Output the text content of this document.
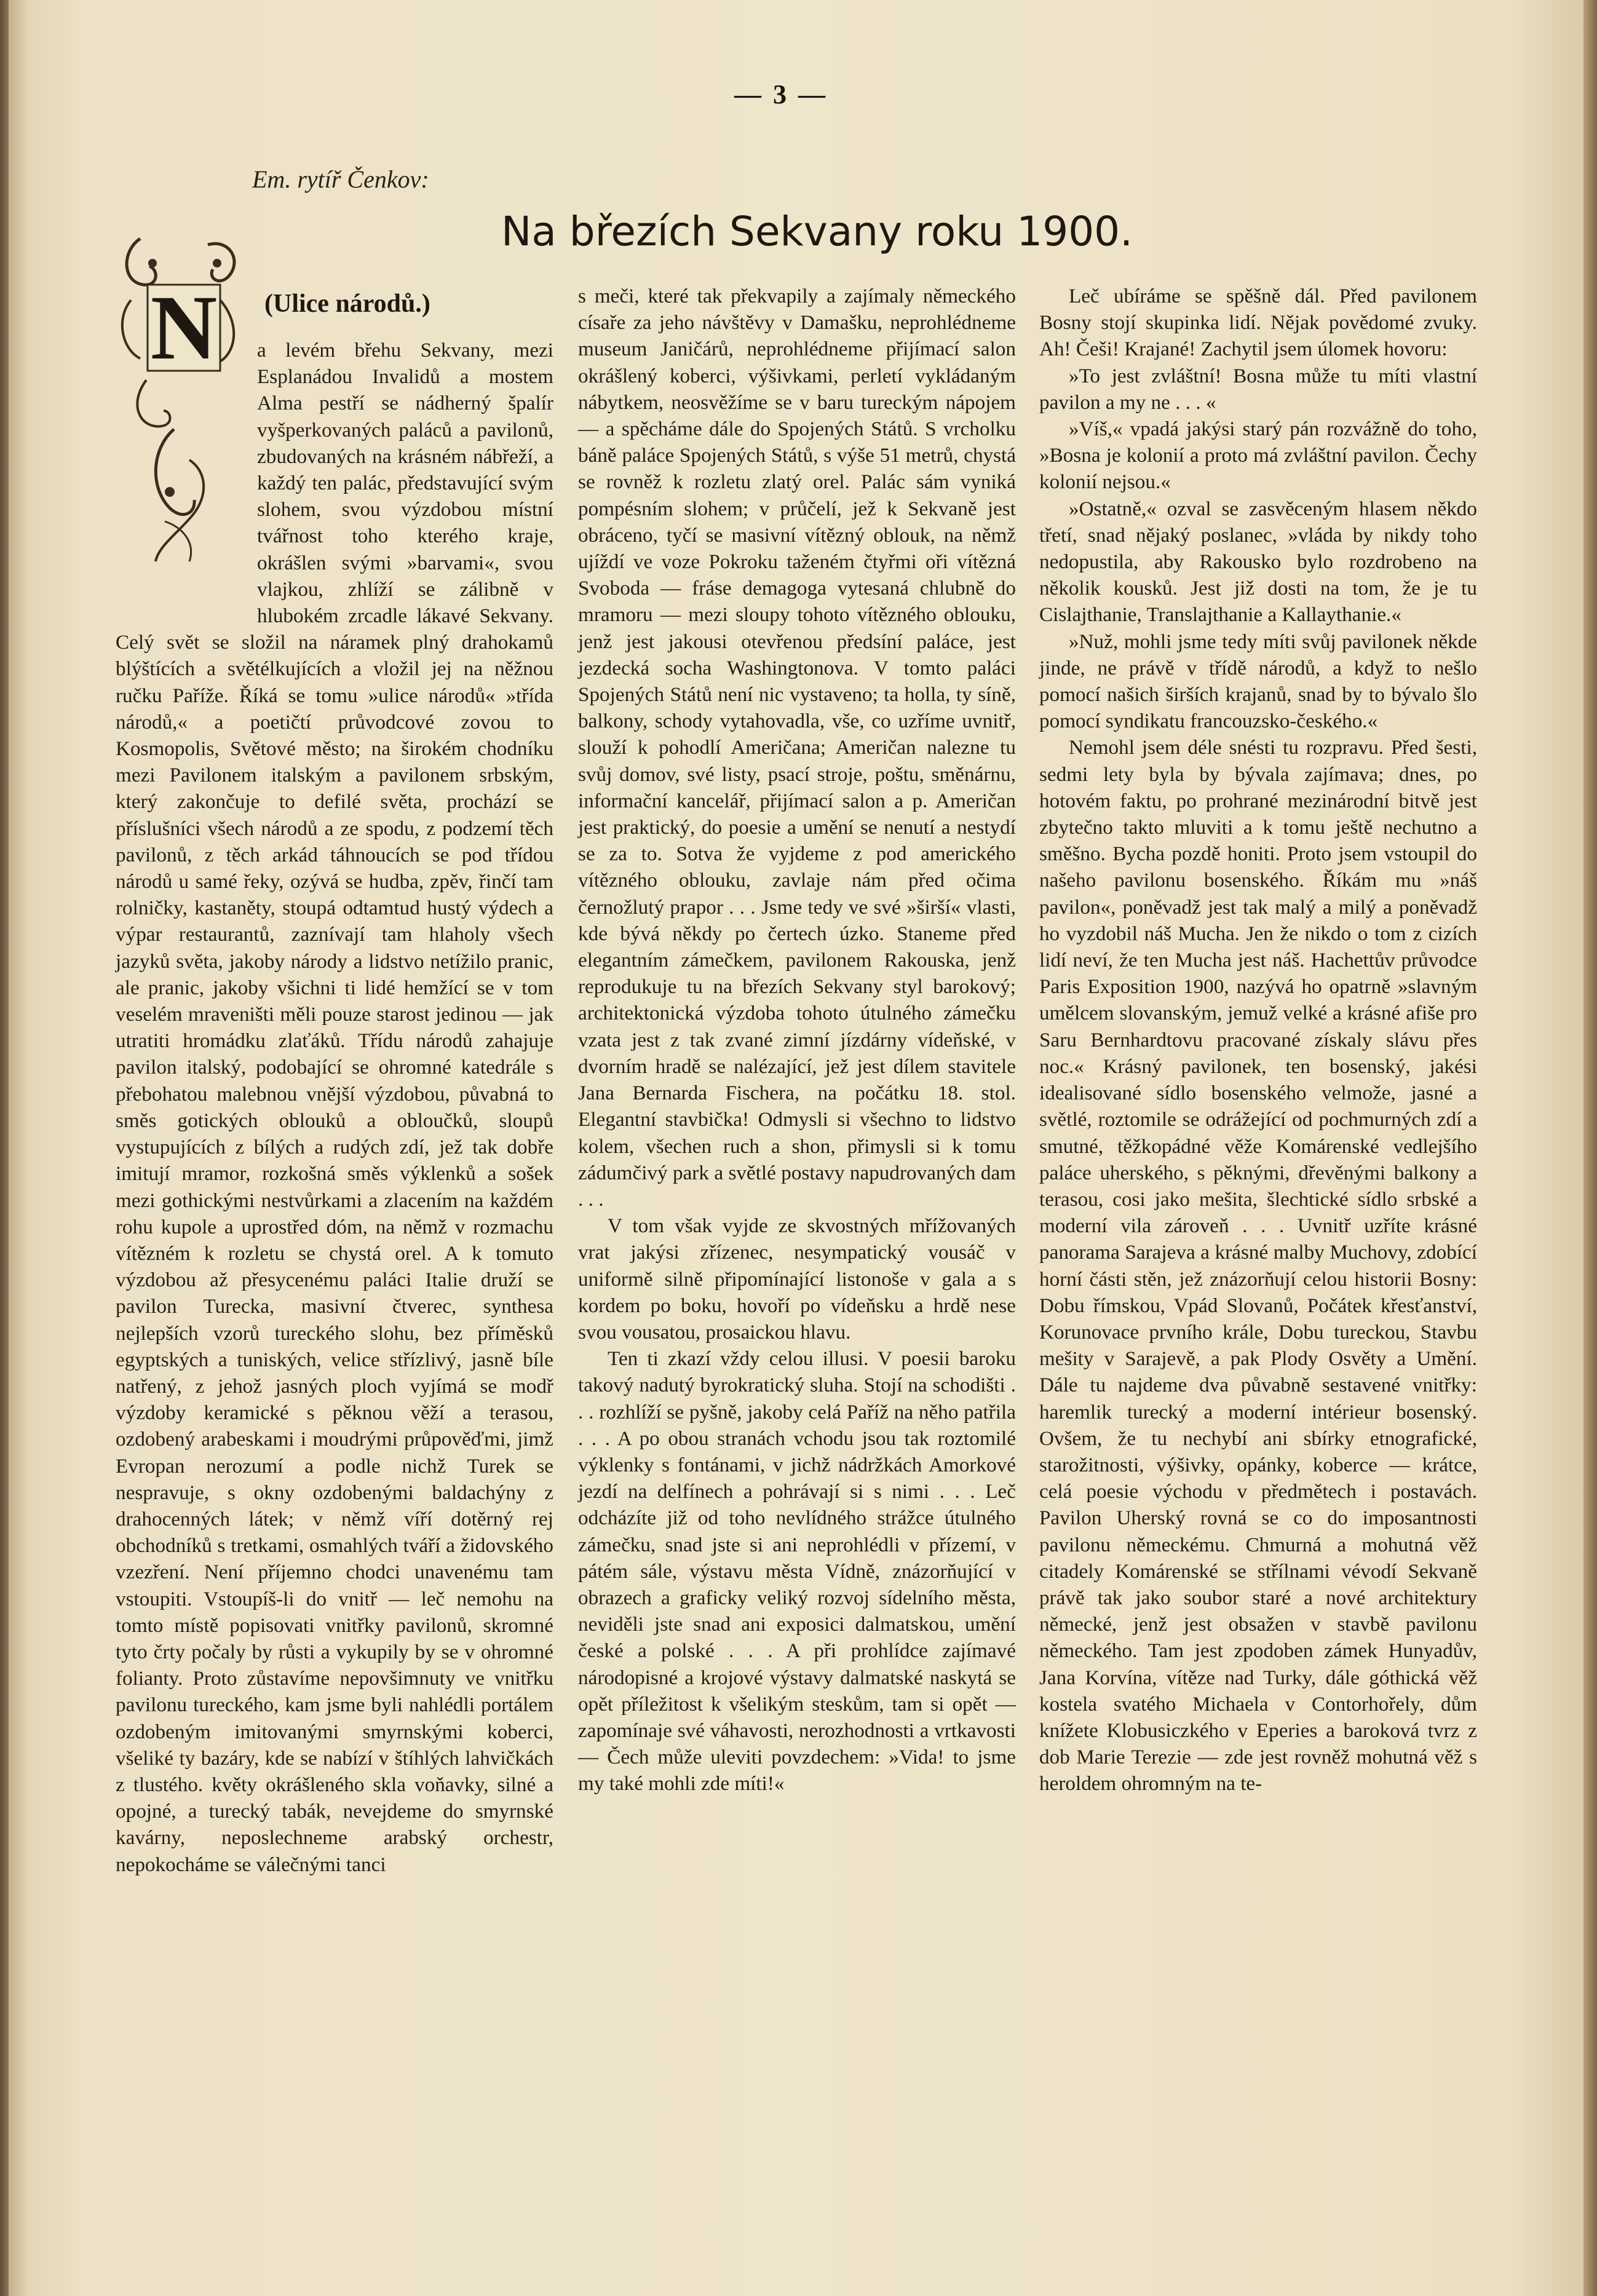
— 3 —
Em. rytíř Čenkov:
Na březích Sekvany roku 1900.
N (Ulice národů.)

a levém břehu Sekvany, mezi Esplanádou Invalidů a mostem Alma pestří se nádherný špalír vyšperkovaných paláců a pavilonů, zbudovaných na krásném nábřeží, a každý ten palác, představující svým slohem, svou výzdobou místní tvářnost toho kterého kraje, okrášlen svými »barvami«, svou vlajkou, zhlíží se zálibně v hlubokém zrcadle lákavé Sekvany. Celý svět se složil na náramek plný drahokamů blýštících a světélkujících a vložil jej na něžnou ručku Paříže. Říká se tomu »ulice národů« »třída národů,« a poetičtí průvodcové zovou to Kosmopolis, Světové město; na širokém chodníku mezi Pavilonem italským a pavilonem srbským, který zakončuje to defilé světa, prochází se příslušníci všech národů a ze spodu, z podzemí těch pavilonů, z těch arkád táhnoucích se pod třídou národů u samé řeky, ozývá se hudba, zpěv, řinčí tam rolničky, kastaněty, stoupá odtamtud hustý výdech a výpar restaurantů, zaznívají tam hlaholy všech jazyků světa, jakoby národy a lidstvo netížilo pranic, ale pranic, jakoby všichni ti lidé hemžící se v tom veselém mraveništi měli pouze starost jedinou — jak utratiti hromádku zlaťáků. Třídu národů zahajuje pavilon italský, podobající se ohromné katedrále s přebohatou malebnou vnější výzdobou, půvabná to směs gotických oblouků a obloučků, sloupů vystupujících z bílých a rudých zdí, jež tak dobře imitují mramor, rozkošná směs výklenků a sošek mezi gothickými nestvůrkami a zlacením na každém rohu kupole a uprostřed dóm, na němž v rozmachu vítězném k rozletu se chystá orel. A k tomuto výzdobou až přesycenému paláci Italie druží se pavilon Turecka, masivní čtverec, synthesa nejlepších vzorů tureckého slohu, bez příměsků egyptských a tuniských, velice střízlivý, jasně bíle natřený, z jehož jasných ploch vyjímá se modř výzdoby keramické s pěknou věží a terasou, ozdobený arabeskami i moudrými průpověďmi, jimž Evropan nerozumí a podle nichž Turek se nespravuje, s okny ozdobenými baldachýny z drahocenných látek; v němž víří dotěrný rej obchodníků s tretkami, osmahlých tváří a židovského vzezření. Není příjemno chodci unavenému tam vstoupiti. Vstoupíš-li do vnitř — leč nemohu na tomto místě popisovati vnitřky pavilonů, skromné tyto črty počaly by růsti a vykupily by se v ohromné folianty. Proto zůstavíme nepovšimnuty ve vnitřku pavilonu tureckého, kam jsme byli nahlédli portálem ozdobeným imitovanými smyrnskými koberci, všeliké ty bazáry, kde se nabízí v štíhlých lahvičkách z tlustého. květy okrášleného skla voňavky, silné a opojné, a turecký tabák, nevejdeme do smyrnské kavárny, neposlechneme arabský orchestr, nepokocháme se válečnými tanci

s meči, které tak překvapily a zajímaly německého císaře za jeho návštěvy v Damašku, neprohlédneme museum Janičárů, neprohlédneme přijímací salon okrášlený koberci, výšivkami, perletí vykládaným nábytkem, neosvěžíme se v baru tureckým nápojem — a spěcháme dále do Spojených Států. S vrcholku báně paláce Spojených Států, s výše 51 metrů, chystá se rovněž k rozletu zlatý orel. Palác sám vyniká pompésním slohem; v průčelí, jež k Sekvaně jest obráceno, tyčí se masivní vítězný oblouk, na němž ujíždí ve voze Pokroku taženém čtyřmi oři vítězná Svoboda — fráse demagoga vytesaná chlubně do mramoru — mezi sloupy tohoto vítězného oblouku, jenž jest jakousi otevřenou předsíní paláce, jest jezdecká socha Washingtonova. V tomto paláci Spojených Států není nic vystaveno; ta holla, ty síně, balkony, schody vytahovadla, vše, co uzříme uvnitř, slouží k pohodlí Američana; Američan nalezne tu svůj domov, své listy, psací stroje, poštu, směnárnu, informační kancelář, přijímací salon a p. Američan jest praktický, do poesie a umění se nenutí a nestydí se za to. Sotva že vyjdeme z pod amerického vítězného oblouku, zavlaje nám před očima černožlutý prapor . . . Jsme tedy ve své »širší« vlasti, kde bývá někdy po čertech úzko. Staneme před elegantním zámečkem, pavilonem Rakouska, jenž reprodukuje tu na březích Sekvany styl barokový; architektonická výzdoba tohoto útulného zámečku vzata jest z tak zvané zimní jízdárny vídeňské, v dvorním hradě se nalézající, jež jest dílem stavitele Jana Bernarda Fischera, na počátku 18. stol. Elegantní stavbička! Odmysli si všechno to lidstvo kolem, všechen ruch a shon, přimysli si k tomu zádumčivý park a světlé postavy napudrovaných dam . . .

V tom však vyjde ze skvostných mřížovaných vrat jakýsi zřízenec, nesympatický vousáč v uniformě silně připomínající listonoše v gala a s kordem po boku, hovoří po vídeňsku a hrdě nese svou vousatou, prosaickou hlavu.

Ten ti zkazí vždy celou illusi. V poesii baroku takový nadutý byrokratický sluha. Stojí na schodišti . . . rozhlíží se pyšně, jakoby celá Paříž na něho patřila . . . A po obou stranách vchodu jsou tak roztomilé výklenky s fontánami, v jichž nádržkách Amorkové jezdí na delfínech a pohrávají si s nimi . . . Leč odcházíte již od toho nevlídného strážce útulného zámečku, snad jste si ani neprohlédli v přízemí, v pátém sále, výstavu města Vídně, znázorňující v obrazech a graficky veliký rozvoj sídelního města, neviděli jste snad ani exposici dalmatskou, umění české a polské . . . A při prohlídce zajímavé národopisné a krojové výstavy dalmatské naskytá se opět příležitost k všelikým steskům, tam si opět — zapomínaje své váhavosti, nerozhodnosti a vrtkavosti — Čech může uleviti povzdechem: »Vida! to jsme my také mohli zde míti!«

Leč ubíráme se spěšně dál. Před pavilonem Bosny stojí skupinka lidí. Nějak povědomé zvuky. Ah! Češi! Krajané! Zachytil jsem úlomek hovoru:

»To jest zvláštní! Bosna může tu míti vlastní pavilon a my ne . . . «

»Víš,« vpadá jakýsi starý pán rozvážně do toho, »Bosna je kolonií a proto má zvláštní pavilon. Čechy kolonií nejsou.«

»Ostatně,« ozval se zasvěceným hlasem někdo třetí, snad nějaký poslanec, »vláda by nikdy toho nedopustila, aby Rakousko bylo rozdrobeno na několik kousků. Jest již dosti na tom, že je tu Cislajthanie, Translajthanie a Kallaythanie.«

»Nuž, mohli jsme tedy míti svůj pavilonek někde jinde, ne právě v třídě národů, a když to nešlo pomocí našich širších krajanů, snad by to bývalo šlo pomocí syndikatu francouzsko-českého.«

Nemohl jsem déle snésti tu rozpravu. Před šesti, sedmi lety byla by bývala zajímava; dnes, po hotovém faktu, po prohrané mezinárodní bitvě jest zbytečno takto mluviti a k tomu ještě nechutno a směšno. Bycha pozdě honiti. Proto jsem vstoupil do našeho pavilonu bosenského. Říkám mu »náš pavilon«, poněvadž jest tak malý a milý a poněvadž ho vyzdobil náš Mucha. Jen že nikdo o tom z cizích lidí neví, že ten Mucha jest náš. Hachettův průvodce Paris Exposition 1900, nazývá ho opatrně »slavným umělcem slovanským, jemuž velké a krásné afiše pro Saru Bernhardtovu pracované získaly slávu přes noc.« Krásný pavilonek, ten bosenský, jakési idealisované sídlo bosenského velmože, jasné a světlé, roztomile se odrážející od pochmurných zdí a smutné, těžkopádné věže Komárenské vedlejšího paláce uherského, s pěknými, dřevěnými balkony a terasou, cosi jako mešita, šlechtické sídlo srbské a moderní vila zároveň . . . Uvnitř uzříte krásné panorama Sarajeva a krásné malby Muchovy, zdobící horní části stěn, jež znázorňují celou historii Bosny: Dobu římskou, Vpád Slovanů, Počátek křesťanství, Korunovace prvního krále, Dobu tureckou, Stavbu mešity v Sarajevě, a pak Plody Osvěty a Umění. Dále tu najdeme dva půvabně sestavené vnitřky: haremlik turecký a moderní intérieur bosenský. Ovšem, že tu nechybí ani sbírky etnografické, starožitnosti, výšivky, opánky, koberce — krátce, celá poesie východu v předmětech i postavách. Pavilon Uherský rovná se co do imposantnosti pavilonu německému. Chmurná a mohutná věž citadely Komárenské se střílnami vévodí Sekvaně právě tak jako soubor staré a nové architektury německé, jenž jest obsažen v stavbě pavilonu německého. Tam jest zpodoben zámek Hunyadův, Jana Korvína, vítěze nad Turky, dále góthická věž kostela svatého Michaela v Contorhořely, dům knížete Klobusiczkého v Eperies a baroková tvrz z dob Marie Terezie — zde jest rovněž mohutná věž s heroldem ohromným na te-
